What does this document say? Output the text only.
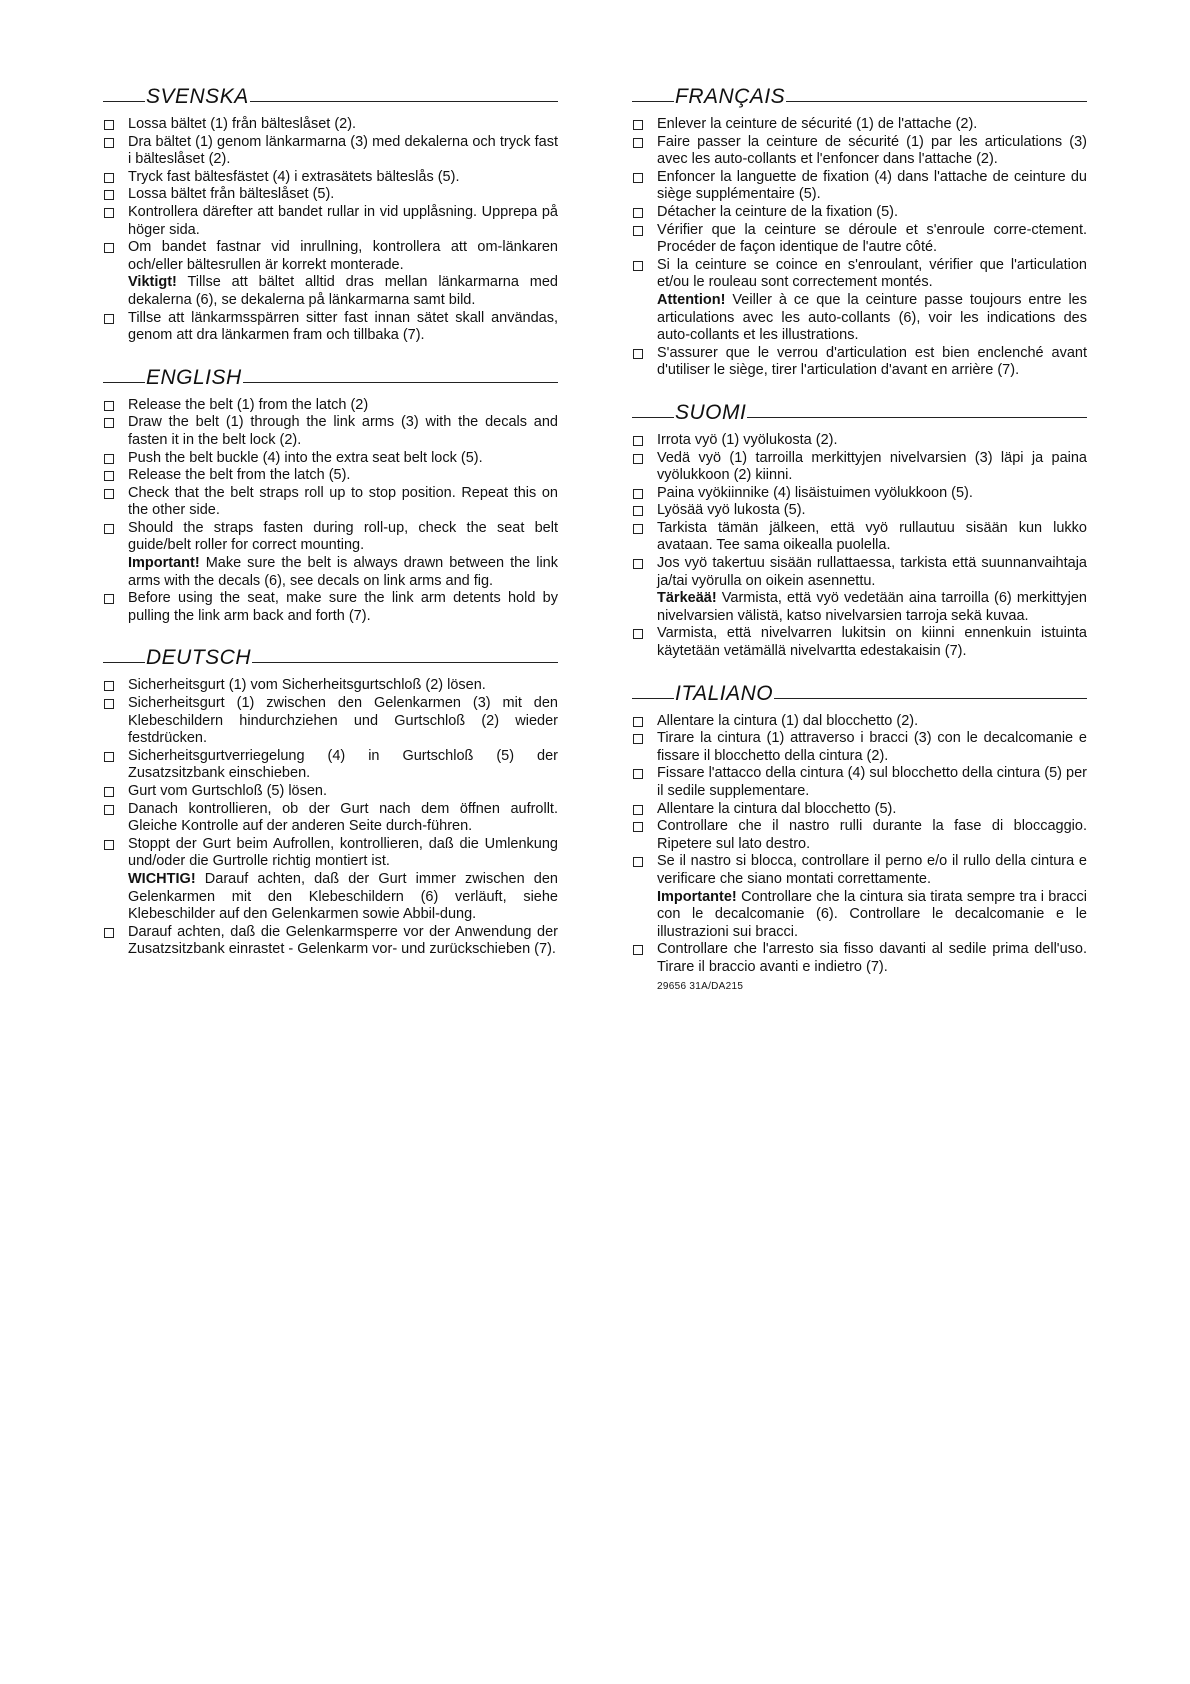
SVENSKA
Lossa bältet (1) från bälteslåset (2).
Dra bältet (1) genom länkarmarna (3) med dekalerna och tryck fast i bälteslåset (2).
Tryck fast bältesfästet (4) i extrasätets bälteslås (5).
Lossa bältet från bälteslåset (5).
Kontrollera därefter att bandet rullar in vid upplåsning. Upprepa på höger sida.
Om bandet fastnar vid inrullning, kontrollera att om-länkaren och/eller bältesrullen är korrekt monterade.
Viktigt! Tillse att bältet alltid dras mellan länkarmarna med dekalerna (6), se dekalerna på länkarmarna samt bild.
Tillse att länkarmsspärren sitter fast innan sätet skall användas, genom att dra länkarmen fram och tillbaka (7).
ENGLISH
Release the belt (1) from the latch (2)
Draw the belt (1) through the link arms (3) with the decals and fasten it in the belt lock (2).
Push the belt buckle (4) into the extra seat belt lock (5).
Release the belt from the latch (5).
Check that the belt straps roll up to stop position. Repeat this on the other side.
Should the straps fasten during roll-up, check the seat belt guide/belt roller for correct mounting.
Important! Make sure the belt is always drawn between the link arms with the decals (6), see decals on link arms and fig.
Before using the seat, make sure the link arm detents hold by pulling the link arm back and forth (7).
DEUTSCH
Sicherheitsgurt (1) vom Sicherheitsgurtschloß (2) lösen.
Sicherheitsgurt (1) zwischen den Gelenkarmen (3) mit den Klebeschildern hindurchziehen und Gurtschloß (2) wieder festdrücken.
Sicherheitsgurtverriegelung (4) in Gurtschloß (5) der Zusatzsitzbank einschieben.
Gurt vom Gurtschloß (5) lösen.
Danach kontrollieren, ob der Gurt nach dem öffnen aufrollt. Gleiche Kontrolle auf der anderen Seite durch-führen.
Stoppt der Gurt beim Aufrollen, kontrollieren, daß die Umlenkung und/oder die Gurtrolle richtig montiert ist.
WICHTIG! Darauf achten, daß der Gurt immer zwischen den Gelenkarmen mit den Klebeschildern (6) verläuft, siehe Klebeschilder auf den Gelenkarmen sowie Abbil-dung.
Darauf achten, daß die Gelenkarmsperre vor der Anwendung der Zusatzsitzbank einrastet - Gelenkarm vor- und zurückschieben (7).
FRANÇAIS
Enlever la ceinture de sécurité (1) de l'attache (2).
Faire passer la ceinture de sécurité (1) par les articulations (3) avec les auto-collants et l'enfoncer dans l'attache (2).
Enfoncer la languette de fixation (4) dans l'attache de ceinture du siège supplémentaire (5).
Détacher la ceinture de la fixation (5).
Vérifier que la ceinture se déroule et s'enroule corre-ctement. Procéder de façon identique de l'autre côté.
Si la ceinture se coince en s'enroulant, vérifier que l'articulation et/ou le rouleau sont correctement montés.
Attention! Veiller à ce que la ceinture passe toujours entre les articulations avec les auto-collants (6), voir les indications des auto-collants et les illustrations.
S'assurer que le verrou d'articulation est bien enclenché avant d'utiliser le siège, tirer l'articulation d'avant en arrière (7).
SUOMI
Irrota vyö (1) vyölukosta (2).
Vedä vyö (1) tarroilla merkittyjen nivelvarsien (3) läpi ja paina vyölukkoon (2) kiinni.
Paina vyökiinnike (4) lisäistuimen vyölukkoon (5).
Lyösää vyö lukosta (5).
Tarkista tämän jälkeen, että vyö rullautuu sisään kun lukko avataan. Tee sama oikealla puolella.
Jos vyö takertuu sisään rullattaessa, tarkista että suunnanvaihtaja ja/tai vyörulla on oikein asennettu.
Tärkeää! Varmista, että vyö vedetään aina tarroilla (6) merkittyjen nivelvarsien välistä, katso nivelvarsien tarroja sekä kuvaa.
Varmista, että nivelvarren lukitsin on kiinni ennenkuin istuinta käytetään vetämällä nivelvartta edestakaisin (7).
ITALIANO
Allentare la cintura (1) dal blocchetto (2).
Tirare la cintura (1) attraverso i bracci (3) con le decalcomanie e fissare il blocchetto della cintura (2).
Fissare l'attacco della cintura (4) sul blocchetto della cintura (5) per il sedile supplementare.
Allentare la cintura dal blocchetto (5).
Controllare che il nastro rulli durante la fase di bloccaggio. Ripetere sul lato destro.
Se il nastro si blocca, controllare il perno e/o il rullo della cintura e verificare che siano montati correttamente.
Importante! Controllare che la cintura sia tirata sempre tra i bracci con le decalcomanie (6). Controllare le decalcomanie e le illustrazioni sui bracci.
Controllare che l'arresto sia fisso davanti al sedile prima dell'uso. Tirare il braccio avanti e indietro (7).
29656 31A/DA215
